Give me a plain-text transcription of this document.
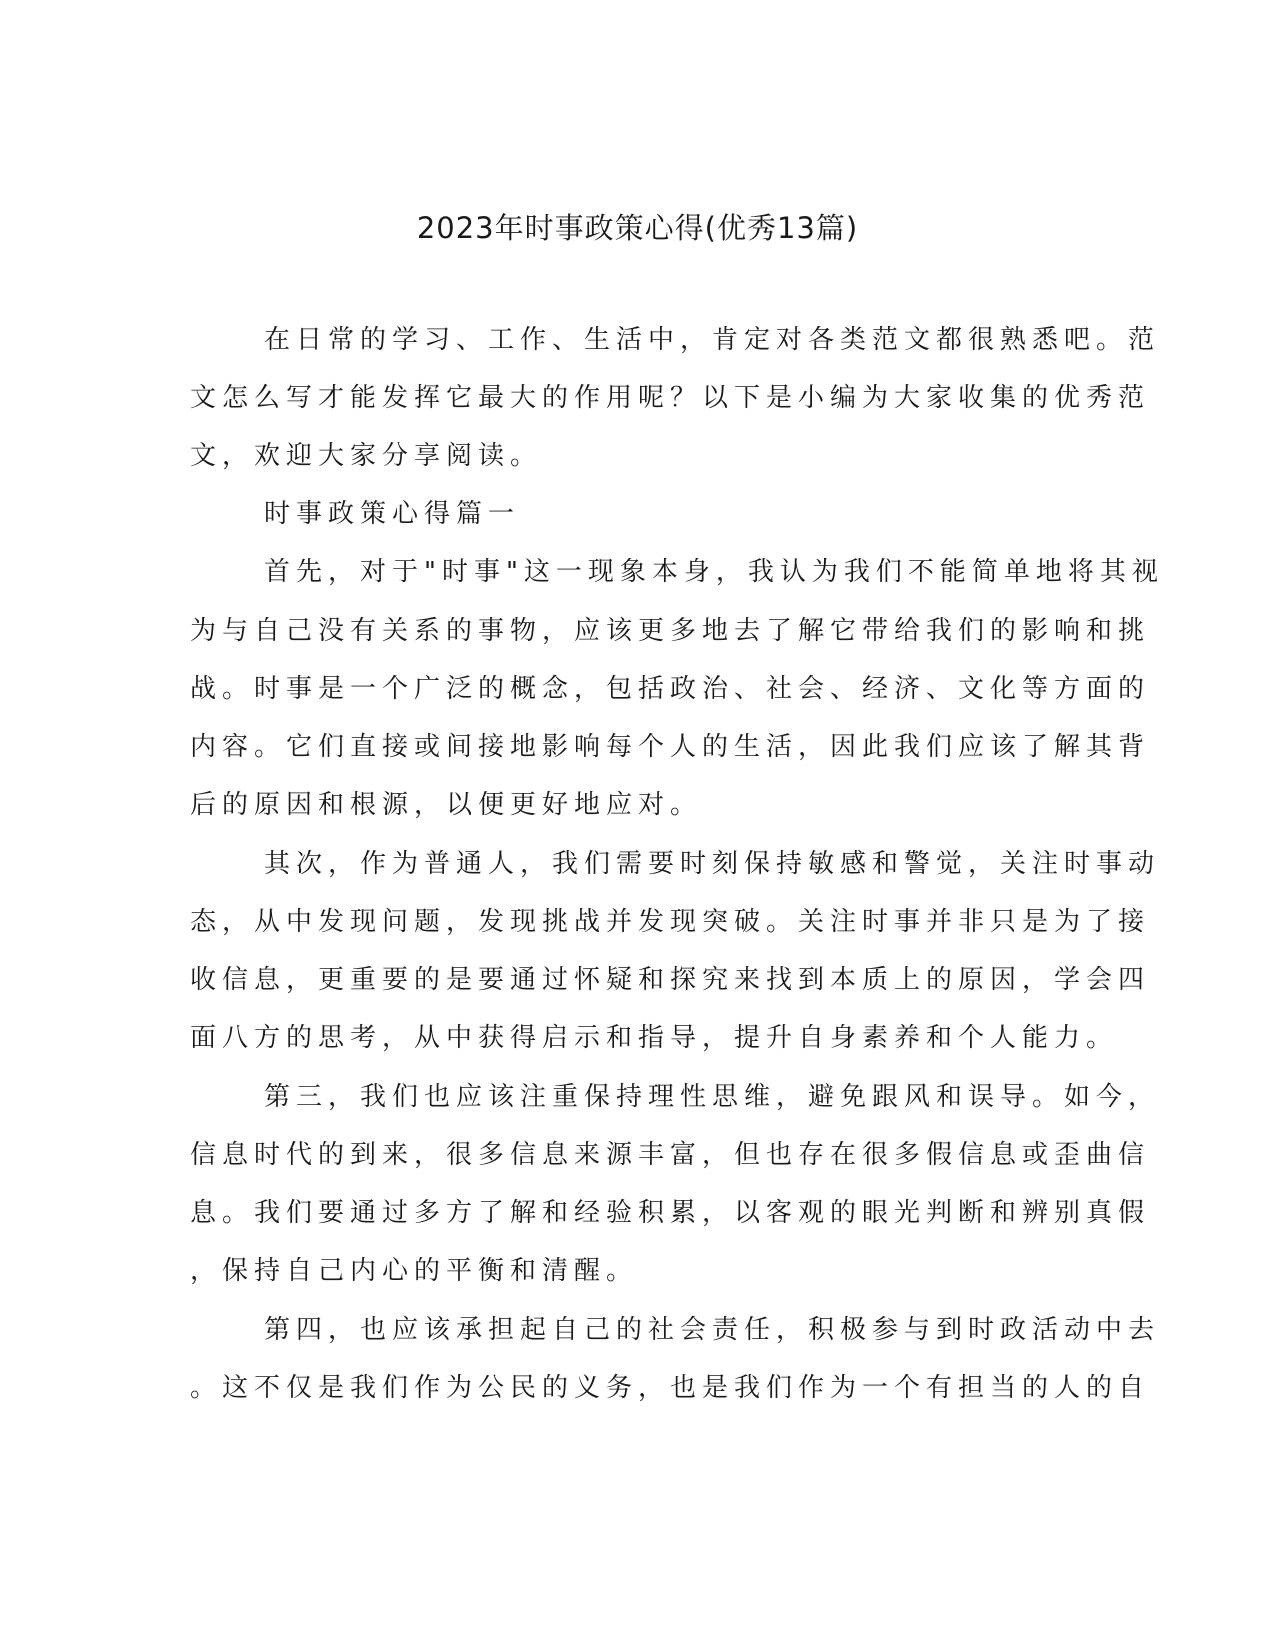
2023年时事政策心得(优秀13篇)

在日常的学习、工作、生活中，肯定对各类范文都很熟悉吧。范

文怎么写才能发挥它最大的作用呢？以下是小编为大家收集的优秀范

文，欢迎大家分享阅读。

时事政策心得篇一

首先，对于"时事"这一现象本身，我认为我们不能简单地将其视

为与自己没有关系的事物，应该更多地去了解它带给我们的影响和挑

战。时事是一个广泛的概念，包括政治、社会、经济、文化等方面的

内容。它们直接或间接地影响每个人的生活，因此我们应该了解其背

后的原因和根源，以便更好地应对。

其次，作为普通人，我们需要时刻保持敏感和警觉，关注时事动

态，从中发现问题，发现挑战并发现突破。关注时事并非只是为了接

收信息，更重要的是要通过怀疑和探究来找到本质上的原因，学会四

面八方的思考，从中获得启示和指导，提升自身素养和个人能力。

第三，我们也应该注重保持理性思维，避免跟风和误导。如今，

信息时代的到来，很多信息来源丰富，但也存在很多假信息或歪曲信

息。我们要通过多方了解和经验积累，以客观的眼光判断和辨别真假

，保持自己内心的平衡和清醒。

第四，也应该承担起自己的社会责任，积极参与到时政活动中去

。这不仅是我们作为公民的义务，也是我们作为一个有担当的人的自
